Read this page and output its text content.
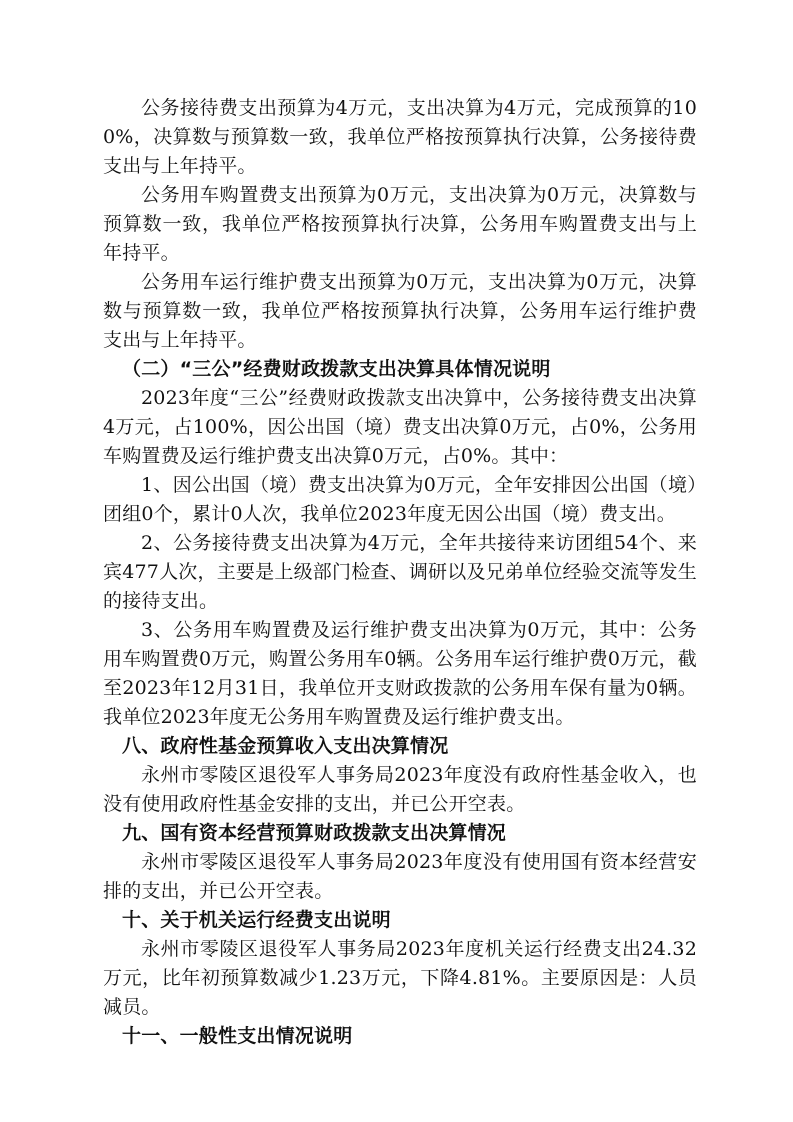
公务接待费支出预算为4万元，支出决算为4万元，完成预算的100%，决算数与预算数一致，我单位严格按预算执行决算，公务接待费支出与上年持平。

公务用车购置费支出预算为0万元，支出决算为0万元，决算数与预算数一致，我单位严格按预算执行决算，公务用车购置费支出与上年持平。

公务用车运行维护费支出预算为0万元，支出决算为0万元，决算数与预算数一致，我单位严格按预算执行决算，公务用车运行维护费支出与上年持平。

（二）“三公”经费财政拨款支出决算具体情况说明

2023年度“三公”经费财政拨款支出决算中，公务接待费支出决算4万元，占100%，因公出国（境）费支出决算0万元，占0%，公务用车购置费及运行维护费支出决算0万元，占0%。其中：

1、因公出国（境）费支出决算为0万元，全年安排因公出国（境）团组0个，累计0人次，我单位2023年度无因公出国（境）费支出。

2、公务接待费支出决算为4万元，全年共接待来访团组54个、来宾477人次，主要是上级部门检查、调研以及兄弟单位经验交流等发生的接待支出。

3、公务用车购置费及运行维护费支出决算为0万元，其中：公务用车购置费0万元，购置公务用车0辆。公务用车运行维护费0万元，截至2023年12月31日，我单位开支财政拨款的公务用车保有量为0辆。我单位2023年度无公务用车购置费及运行维护费支出。

八、政府性基金预算收入支出决算情况

永州市零陵区退役军人事务局2023年度没有政府性基金收入，也没有使用政府性基金安排的支出，并已公开空表。

九、国有资本经营预算财政拨款支出决算情况

永州市零陵区退役军人事务局2023年度没有使用国有资本经营安排的支出，并已公开空表。

十、关于机关运行经费支出说明

永州市零陵区退役军人事务局2023年度机关运行经费支出24.32万元，比年初预算数减少1.23万元，下降4.81%。主要原因是：人员减员。

十一、一般性支出情况说明
